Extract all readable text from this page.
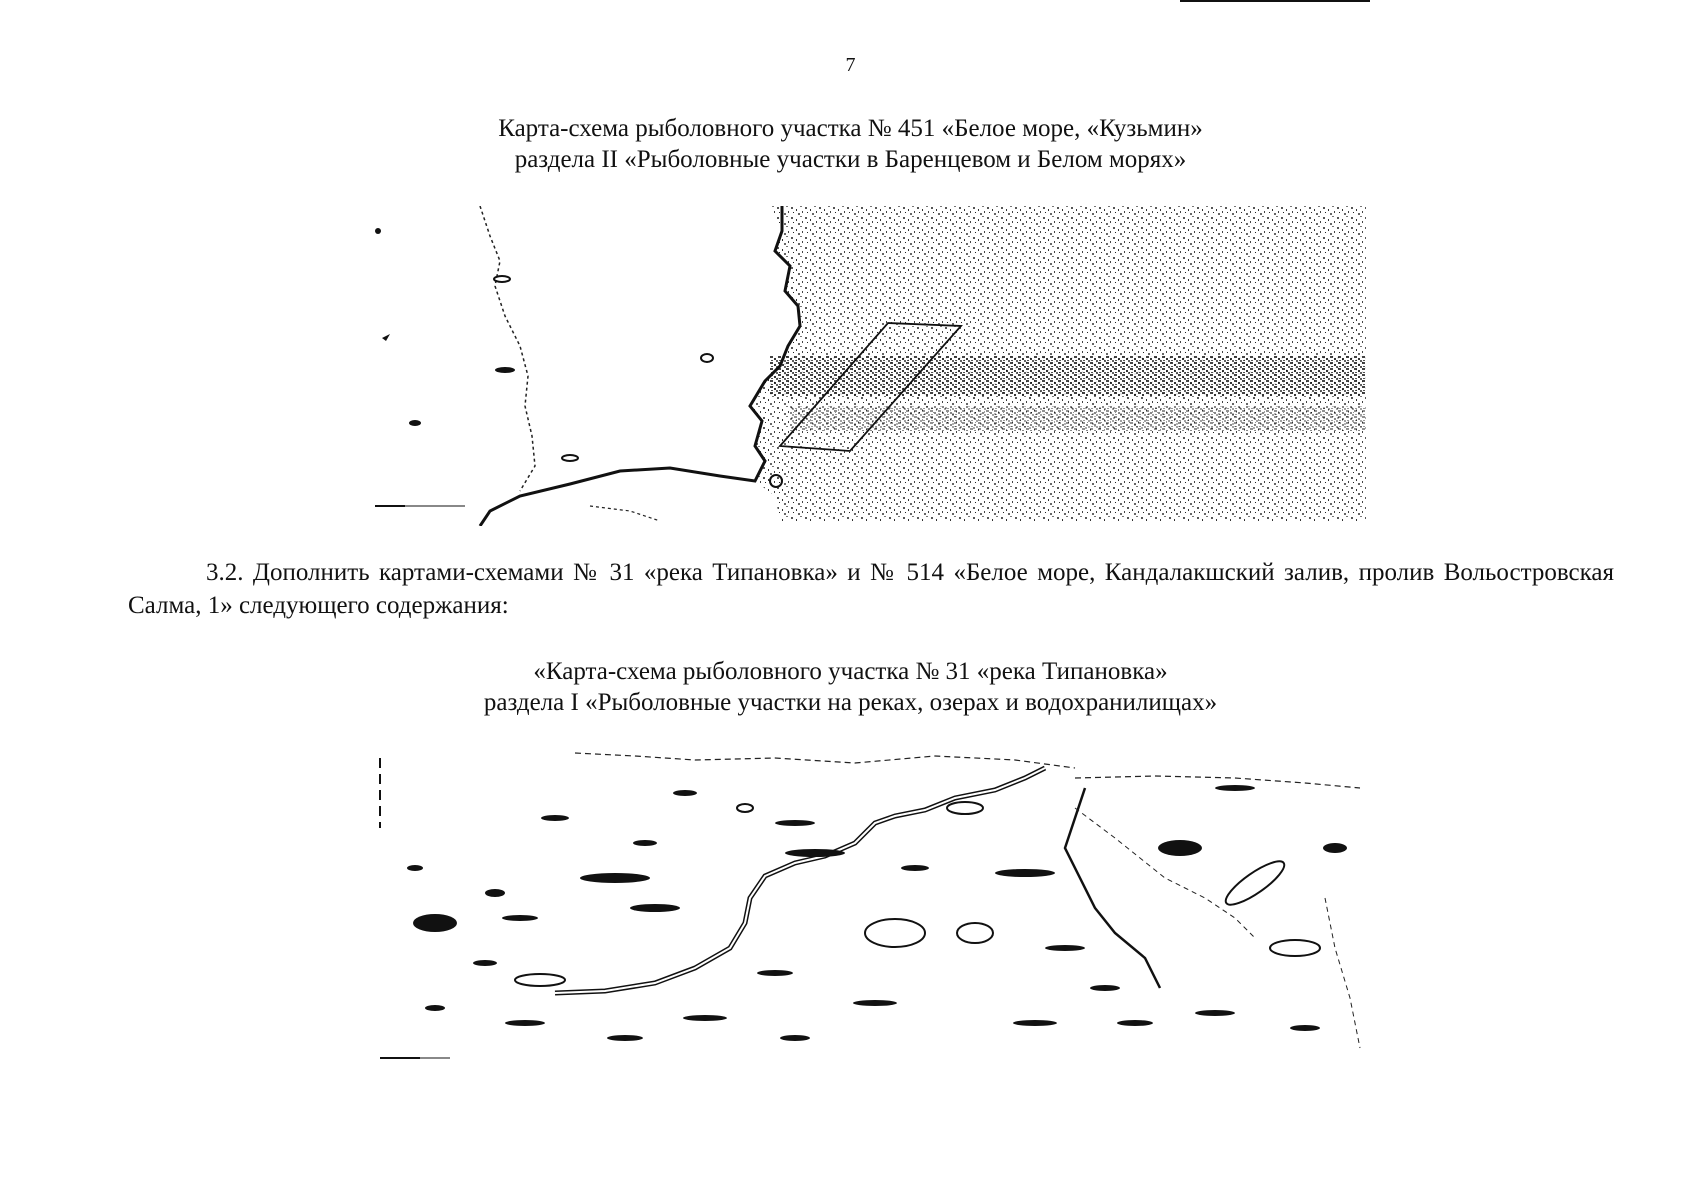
7
Карта-схема рыболовного участка № 451 «Белое море, «Кузьмин»
раздела II «Рыболовные участки в Баренцевом и Белом морях»
3.2. Дополнить картами-схемами № 31 «река Типановка» и № 514 «Белое море, Кандалакшский залив, пролив Вольостровская Салма, 1» следующего содержания:
«Карта-схема рыболовного участка № 31 «река Типановка»
раздела I «Рыболовные участки на реках, озерах и водохранилищах»
